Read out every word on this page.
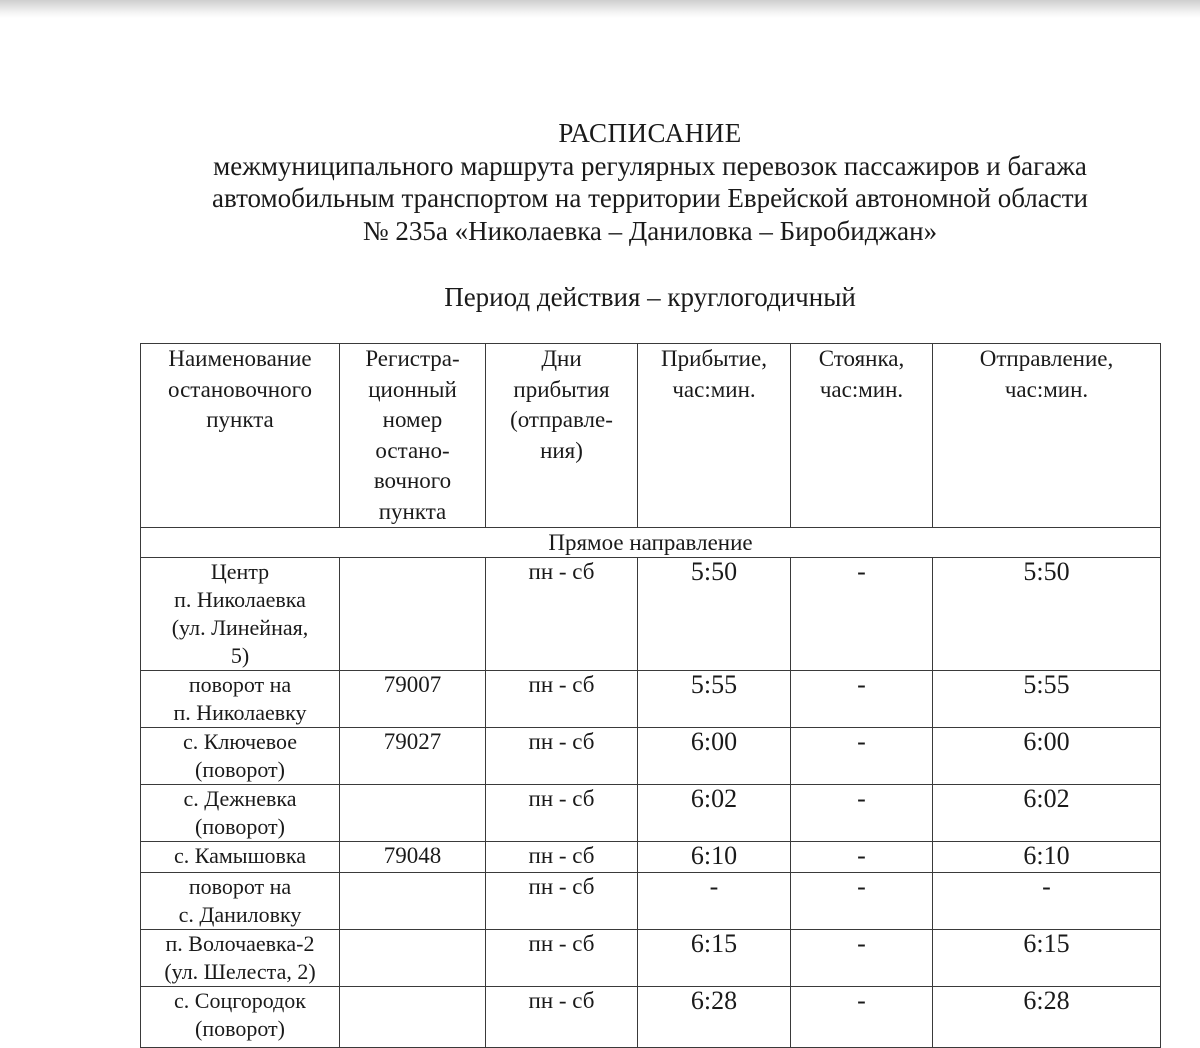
РАСПИСАНИЕ
межмуниципального маршрута регулярных перевозок пассажиров и багажа
автомобильным транспортом на территории Еврейской автономной области
№ 235а «Николаевка – Даниловка – Биробиджан»
Период действия – круглогодичный
Наименование остановочного пункта	Регистра-ционный номер остано-вочного пункта	Дни прибытия (отправле-ния)	Прибытие, час:мин.	Стоянка, час:мин.	Отправление, час:мин.
Прямое направление					
Центр
п. Николаевка
(ул. Линейная,
5)		пн - сб	5:50	-	5:50
поворот на
п. Николаевку	79007	пн - сб	5:55	-	5:55
с. Ключевое
(поворот)	79027	пн - сб	6:00	-	6:00
с. Дежневка
(поворот)		пн - сб	6:02	-	6:02
с. Камышовка	79048	пн - сб	6:10	-	6:10
поворот на
с. Даниловку		пн - сб	-	-	-
п. Волочаевка-2
(ул. Шелеста, 2)		пн - сб	6:15	-	6:15
с. Соцгородок
(поворот)		пн - сб	6:28	-	6:28
